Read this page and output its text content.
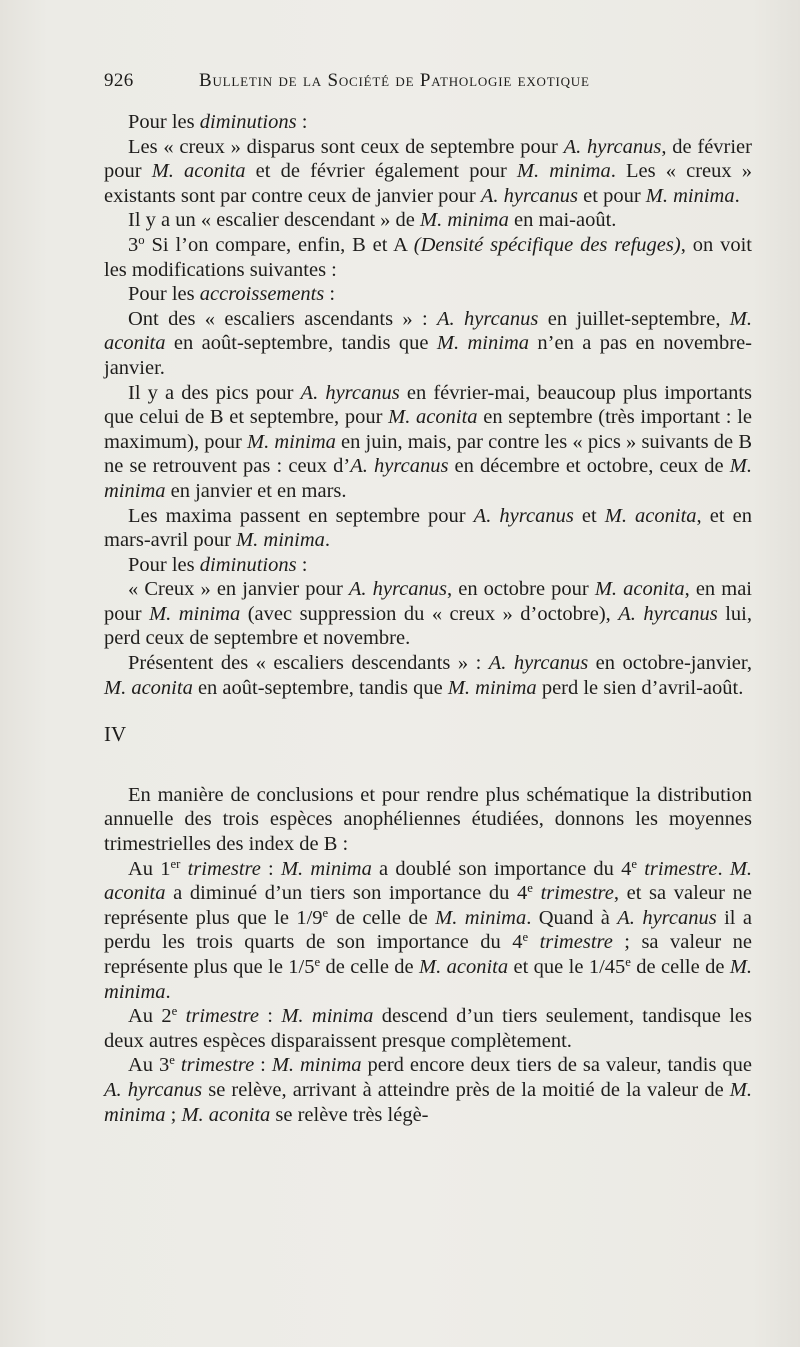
926	Bulletin de la Société de Pathologie exotique

Pour les diminutions :

Les « creux » disparus sont ceux de septembre pour A. hyrcanus, de février pour M. aconita et de février également pour M. minima. Les « creux » existants sont par contre ceux de janvier pour A. hyrcanus et pour M. minima.

Il y a un « escalier descendant » de M. minima en mai-août.

3$^o$ Si l’on compare, enfin, B et A (Densité spécifique des refuges), on voit les modifications suivantes :

Pour les accroissements :

Ont des « escaliers ascendants » : A. hyrcanus en juillet-septembre, M. aconita en août-septembre, tandis que M. minima n’en a pas en novembre-janvier.

Il y a des pics pour A. hyrcanus en février-mai, beaucoup plus importants que celui de B et septembre, pour M. aconita en septembre (très important : le maximum), pour M. minima en juin, mais, par contre les « pics » suivants de B ne se retrouvent pas : ceux d’A. hyrcanus en décembre et octobre, ceux de M. minima en janvier et en mars.

Les maxima passent en septembre pour A. hyrcanus et M. aconita, et en mars-avril pour M. minima.

Pour les diminutions :

« Creux » en janvier pour A. hyrcanus, en octobre pour M. aconita, en mai pour M. minima (avec suppression du « creux » d’octobre), A. hyrcanus lui, perd ceux de septembre et novembre.

Présentent des « escaliers descendants » : A. hyrcanus en octobre-janvier, M. aconita en août-septembre, tandis que M. minima perd le sien d’avril-août.

IV

En manière de conclusions et pour rendre plus schématique la distribution annuelle des trois espèces anophéliennes étudiées, donnons les moyennes trimestrielles des index de B :

Au 1er trimestre : M. minima a doublé son importance du 4e trimestre. M. aconita a diminué d’un tiers son importance du 4e trimestre, et sa valeur ne représente plus que le 1/9e de celle de M. minima. Quand à A. hyrcanus il a perdu les trois quarts de son importance du 4e trimestre ; sa valeur ne représente plus que le 1/5e de celle de M. aconita et que le 1/45e de celle de M. minima.

Au 2e trimestre : M. minima descend d’un tiers seulement, tandisque les deux autres espèces disparaissent presque complètement.

Au 3e trimestre : M. minima perd encore deux tiers de sa valeur, tandis que A. hyrcanus se relève, arrivant à atteindre près de la moitié de la valeur de M. minima ; M. aconita se relève très légè-
